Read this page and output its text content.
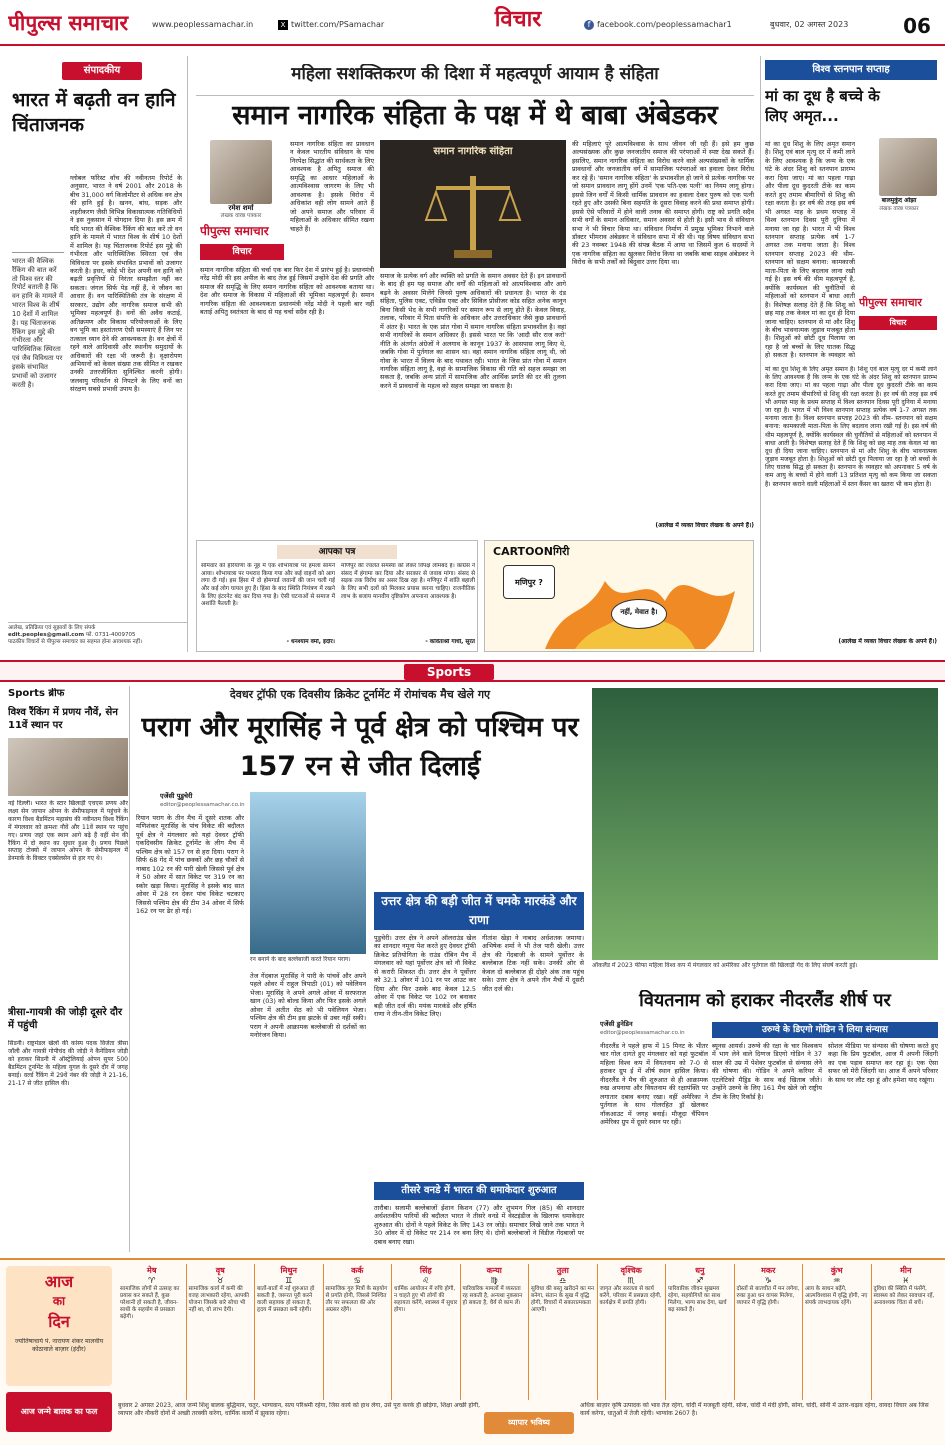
पीपुल्स समाचार	www.peoplessamachar.in	X twitter.com/PSamachar	विचार	f facebook.com/peoplessamachar1	बुधवार, 02 अगस्त 2023	06
संपादकीय
भारत में बढ़ती वन हानि चिंताजनक
ग्लोबल फॉरेस्ट वॉच की नवीनतम रिपोर्ट के अनुसार, भारत ने वर्ष 2001 और 2018 के बीच 31,000 वर्ग किलोमीटर से अधिक वन क्षेत्र की हानि हुई है। खनन, बांध, सड़क और शहरीकरण जैसी विभिन्न विकासात्मक गतिविधियों ने इस नुकसान में योगदान दिया है। इस क्रम में यदि भारत की वैश्विक रैंकिंग की बात करें तो वन हानि के मामले में भारत विश्व के शीर्ष 10 देशों में शामिल है। यह चिंताजनक रिपोर्ट इस मुद्दे की गंभीरता और पारिस्थितिक स्थिरता एवं जैव विविधता पर इसके संभावित प्रभावों को उजागर करती है। इधर, कोई भी देश अपनी वन हानि को बढ़ती प्रवृत्तियों से निरंतर समझौता नहीं कर सकता। जंगल सिर्फ पेड़ नहीं हैं, वे जीवन का आधार हैं। वन पारिस्थितिकी तंत्र के संरक्षण में सरकार, उद्योग और नागरिक समाज सभी की भूमिका महत्वपूर्ण है। वनों की अवैध कटाई, अतिक्रमण और विकास परियोजनाओं के लिए वन भूमि का हस्तांतरण ऐसी समस्याएं हैं जिन पर तत्काल ध्यान देने की आवश्यकता है। वन क्षेत्रों में रहने वाले आदिवासी और स्थानीय समुदायों के अधिकारों की रक्षा भी जरूरी है। वृक्षारोपण अभियानों को केवल संख्या तक सीमित न रखकर उनकी उत्तरजीविता सुनिश्चित करनी होगी। जलवायु परिवर्तन से निपटने के लिए वनों का संरक्षण सबसे प्रभावी उपाय है।
भारत की वैश्विक रैंकिंग की बात करें तो विश्व स्तर की रिपोर्ट बताती है कि वन हानि के मामले में भारत विश्व के शीर्ष 10 देशों में शामिल है। यह चिंताजनक रैंकिंग इस मुद्दे की गंभीरता और पारिस्थितिक स्थिरता एवं जैव विविधता पर इसके संभावित प्रभावों को उजागर करती है।
आलेख, प्रतिक्रिया एवं सुझावों के लिए संपर्क
edit.peoples@gmail.com फो. 0731-4009705
पाठकीय विचारों से पीपुल्स समाचार का सहमत होना आवश्यक नहीं।
महिला सशक्तिकरण की दिशा में महत्वपूर्ण आयाम है संहिता
समान नागरिक संहिता के पक्ष में थे बाबा अंबेडकर
रमेश शर्मा
लेखक वरिष्ठ पत्रकार
पीपुल्स समाचार
विचार
समान नागरिक संहिता का प्रावधान न केवल भारतीय संविधान के पांच निरपेक्ष सिद्धांत की सार्थकता के लिए आवश्यक है अपितु समाज की समृद्धि का आधार महिलाओं के आत्मविश्वास जागरण के लिए भी आवश्यक है। इसके विरोध में अधिकांश वही लोग सामने आते हैं जो अपने समाज और परिवार में महिलाओं के अधिकार सीमित रखना चाहते हैं।
समान नागरिक संहिता की चर्चा एक बार फिर देश में प्रारंभ हुई है। प्रधानमंत्री नरेंद्र मोदी की इस अपील के बाद तेज हुई जिसमें उन्होंने देश की प्रगति और समाज की समृद्धि के लिए समान नागरिक संहिता को आवश्यक बताया था। देश और समाज के विकास में महिलाओं की भूमिका महत्वपूर्ण है। समान नागरिक संहिता की आवश्यकता प्रधानमंत्री नरेंद्र मोदी ने पहली बार नहीं बताई अपितु स्वतंत्रता के बाद से यह चर्चा सदैव रही है।
समान नागरिक संहिता
समाज के प्रत्येक वर्ग और व्यक्ति को प्रगति के समान अवसर देते हैं। इन प्रावधानों के बाद ही हम यह समाज और वर्गों की महिलाओं को आत्मविश्वास और आगे बढ़ने के अवसर मिलेंगे जिनसे पुरुष अधिकारों की प्रधानता है। भारत के दंड संहिता, पुलिस एक्ट, एविडेंस एक्ट और सिविल प्रोसीजर कोड सहित अनेक कानून बिना किसी भेद के सभी नागरिकों पर समान रूप से लागू होते हैं। केवल विवाह, तलाक, परिवार में पिता संपत्ति के अधिकार और उत्तराधिकार जैसे कुछ प्रावधानों में अंतर है। भारत के एक प्रांत गोवा में समान नागरिक संहिता प्रभावशील है। वहां सभी नागरिकों के समान अधिकार हैं। इससे भारत पर कि 'आदौ सौर राज करो' नीति के अंतर्गत अंग्रेजों ने अलगाव के कानून 1937 के आसपास लागू किए थे, जबकि गोवा में पुर्तगाल का शासन था। वहां समान नागरिक संहिता लागू थी, जो गोवा के भारत में विलय के बाद यथावत रही। भारत के जिस प्रांत गोवा में समान नागरिक संहिता लागू है, वहां के सामाजिक विकास की गति को सहज समझा जा सकता है, जबकि अन्य प्रांतों में सामाजिक और आर्थिक प्रगति की दर की तुलना करने में प्रावधानों के महत्व को सहज समझा जा सकता है।
की महिलाएं पूरे आत्मविश्वास के साथ जीवन जी रही हैं। इसे हम कुछ अल्पसंख्यक और कुछ जनजातीय समाज की परंपराओं में स्पष्ट देख सकते हैं। इसलिए, समान नागरिक संहिता का विरोध करने वाले अल्पसंख्यकों के धार्मिक प्रावधानों और जनजातीय वर्ग में सामाजिक परंपराओं का हवाला देकर विरोध कर रहे हैं। 'समान नागरिक संहिता' के प्रभावशील हो जाने से प्रत्येक नागरिक पर जो समान प्रावधान लागू होंगे उनमें 'एक पति-एक पत्नी' का नियम लागू होगा। इससे जिन वर्गों में किसी धार्मिक प्रावधान का हवाला देकर पुरुष को एक पत्नी रहते हुए और उसकी बिना सहमति के दूसरा विवाह करने की प्रथा समाप्त होगी। इससे ऐसे परिवारों में होने वाली तनाव की समाप्त होगी। राष्ट्र को प्रगति सदैव सभी वर्गों के समान अधिकार, समान अवसर से होती है। इसी भाव से संविधान सभा ने भी विचार किया था। संविधान निर्माण में प्रमुख भूमिका निभाने वाले डॉक्टर भीमराव अंबेडकर ने संविधान सभा में की थी। यह विषय संविधान सभा की 23 नवम्बर 1948 की संपन्न बैठक में आया था जिसमें कुल 6 सदस्यों ने एक नागरिक संहिता का खुलकर विरोध किया था जबकि बाबा साहब अंबेडकर ने विरोध के सभी तर्कों को बिंदुवार उत्तर दिया था।
(आलेख में व्यक्त विचार लेखक के अपने हैं।)
विश्व स्तनपान सप्ताह
मां का दूध है बच्चे के लिए अमृत...
बालमुकुंद ओझा
लेखक वरिष्ठ पत्रकार
पीपुल्स समाचार
विचार
मां का दूध शिशु के लिए अमृत समान है। शिशु एवं बाल मृत्यु दर में कमी लाने के लिए आवश्यक है कि जन्म के एक घंटे के अंदर शिशु को स्तनपान प्रारम्भ करा दिया जाए। मां का पहला गाढ़ा और पीला दूध कुदरती टीके का काम करते हुए तमाम बीमारियों से शिशु की रक्षा करता है। हर वर्ष की तरह इस वर्ष भी अगस्त माह के प्रथम सप्ताह में विश्व स्तनपान दिवस पूरी दुनिया में मनाया जा रहा है। भारत में भी विश्व स्तनपान सप्ताह प्रत्येक वर्ष 1-7 अगस्त तक मनाया जाता है। विश्व स्तनपान सप्ताह 2023 की थीम- स्तनपान को सक्षम बनाना: कामकाजी माता-पिता के लिए बदलाव लाना रखी गई है। इस वर्ष की थीम महत्वपूर्ण है, क्योंकि कार्यस्थल की चुनौतियों से महिलाओं को स्तनपान में बाधा आती है। विशेषज्ञ सलाह देते हैं कि शिशु को छह माह तक केवल मां का दूध ही दिया जाना चाहिए। स्तनपान से मां और शिशु के बीच भावनात्मक जुड़ाव मजबूत होता है। शिशुओं को छोटी दूध पिलाया जा रहा है जो बच्चों के लिए घातक सिद्ध हो सकता है। स्तनपान के व्यवहार को
मां का दूध शिशु के लिए अमृत समान है। शिशु एवं बाल मृत्यु दर में कमी लाने के लिए आवश्यक है कि जन्म के एक घंटे के अंदर शिशु को स्तनपान प्रारम्भ करा दिया जाए। मां का पहला गाढ़ा और पीला दूध कुदरती टीके का काम करते हुए तमाम बीमारियों से शिशु की रक्षा करता है। हर वर्ष की तरह इस वर्ष भी अगस्त माह के प्रथम सप्ताह में विश्व स्तनपान दिवस पूरी दुनिया में मनाया जा रहा है। भारत में भी विश्व स्तनपान सप्ताह प्रत्येक वर्ष 1-7 अगस्त तक मनाया जाता है। विश्व स्तनपान सप्ताह 2023 की थीम- स्तनपान को सक्षम बनाना: कामकाजी माता-पिता के लिए बदलाव लाना रखी गई है। इस वर्ष की थीम महत्वपूर्ण है, क्योंकि कार्यस्थल की चुनौतियों से महिलाओं को स्तनपान में बाधा आती है। विशेषज्ञ सलाह देते हैं कि शिशु को छह माह तक केवल मां का दूध ही दिया जाना चाहिए। स्तनपान से मां और शिशु के बीच भावनात्मक जुड़ाव मजबूत होता है। शिशुओं को छोटी दूध पिलाया जा रहा है जो बच्चों के लिए घातक सिद्ध हो सकता है। स्तनपान के व्यवहार को अपनाकर 5 वर्ष के कम आयु के बच्चों में होने वाली 13 प्रतिशत मृत्यु को कम किया जा सकता है। स्तनपान कराने वाली महिलाओं में स्तन कैंसर का खतरा भी कम होता है।
(आलेख में व्यक्त विचार लेखक के अपने हैं।)
आपका पत्र
सोमवार को हरियाणा के नूंह में एक शोभायात्रा पर हमला सामने आया। शोभायात्रा पर पथराव किया गया और कई वाहनों को आग लगा दी गई। इस हिंसा में दो होमगार्ड जवानों की जान चली गई और कई लोग घायल हुए हैं। हिंसा के बाद स्थिति नियंत्रण में रखने के लिए इंटरनेट बंद कर दिया गया है। ऐसी घटनाओं से समाज में अशांति फैलती है।
- धनश्याम वर्मा, इंदौर।
मणिपुर की ज्वलंत समस्या को लेकर विपक्ष लामबंद है। कांग्रेस ने संसद में हंगामा कर दिया और सरकार से जवाब मांगा। संसद से सड़क तक विरोध का असर दिख रहा है। मणिपुर में शांति बहाली के लिए सभी दलों को मिलकर प्रयास करना चाहिए। राजनीतिक लाभ के बजाय मानवीय दृष्टिकोण अपनाना आवश्यक है।
- कविताश्री गांधी, सूरत
CARTOONगिरी
मणिपुर ?
नहीं, मेवात है।
Sports
Sports ब्रीफ
विश्व रैंकिंग में प्रणय नौवें, सेन 11वें स्थान पर
नई दिल्ली। भारत के स्टार खिलाड़ी एचएस प्रणय और लक्ष्य सेन जापान ओपन के सेमीफाइनल में पहुंचने के कारण विश्व बैडमिंटन महासंघ की नवीनतम विश्व रैंकिंग में मंगलवार को क्रमशः नौवें और 11वें स्थान पर पहुंच गए। प्रणय जहां एक स्थान आगे बढ़े हैं वहीं सेन की रैंकिंग में दो स्थान का सुधार हुआ है। प्रणय पिछले सप्ताह टोक्यो में जापान ओपन के सेमीफाइनल में डेनमार्क के विक्टर एक्सेलसेन से हार गए थे।
त्रीसा-गायत्री की जोड़ी दूसरे दौर में पहुंची
सिडनी। राष्ट्रमंडल खेलों की कांस्य पदक विजेता त्रीसा जॉली और गायत्री गोपीचंद की जोड़ी ने कैनेडियन जोड़ी को हराकर सिडनी में ऑस्ट्रेलियाई ओपन सुपर 500 बैडमिंटन टूर्नामेंट के महिला युगल के दूसरे दौर में जगह बनाई। वर्ल्ड रैंकिंग में 29वें नंबर की जोड़ी ने 21-16, 21-17 से जीत हासिल की।
देवधर ट्रॉफी एक दिवसीय क्रिकेट टूर्नामेंट में रोमांचक मैच खेले गए
पराग और मूरासिंह ने पूर्व क्षेत्र को पश्चिम पर 157 रन से जीत दिलाई
एजेंसी पुडुचेरी
editor@peoplessamachar.co.in
रियान पराग के तीन मैच में दूसरे शतक और मणिशंकर मूरासिंह के पांच विकेट की बदौलत पूर्व क्षेत्र ने मंगलवार को यहां देवधर ट्रॉफी एकदिवसीय क्रिकेट टूर्नामेंट के लीग मैच में पश्चिम क्षेत्र को 157 रन से हरा दिया। पराग ने सिर्फ 68 गेंद में पांच छक्कों और छह चौकों से नाबाद 102 रन की पारी खेली जिससे पूर्व क्षेत्र ने 50 ओवर में सात विकेट पर 319 रन का स्कोर खड़ा किया। मूरासिंह ने इसके बाद सात ओवर में 28 रन देकर पांच विकेट चटकाए जिससे पश्चिम क्षेत्र की टीम 34 ओवर में सिर्फ 162 रन पर ढेर हो गई।
रन बनाने के बाद बल्लेबाजी करते रियान पराग।
तेज गेंदबाज मूरासिंह ने पारी के पांचवें और अपने पहले ओवर में राहुल त्रिपाठी (01) को पवेलियन भेजा। मूरासिंह ने अपने अगले ओवर में सरफराज खान (03) को बोल्ड किया और फिर इसके अगले ओवर में अतीत सेठ को भी पवेलियन भेजा। पश्चिम क्षेत्र की टीम इस झटके से उबर नहीं सकी। पराग ने अपनी आक्रामक बल्लेबाजी से दर्शकों का मनोरंजन किया।
उत्तर क्षेत्र की बड़ी जीत में चमके मारकंडे और राणा
पुडुचेरी। उत्तर क्षेत्र ने अपने ऑलराउंड खेल का शानदार नमूना पेश करते हुए देवधर ट्रॉफी क्रिकेट प्रतियोगिता के राउंड रॉबिन मैच में मंगलवार को यहां पूर्वोत्तर क्षेत्र को नौ विकेट से करारी शिकस्त दी। उत्तर क्षेत्र ने पूर्वोत्तर को 32.1 ओवर में 101 रन पर आउट कर दिया और फिर उसके बाद केवल 12.5 ओवर में एक विकेट पर 102 रन बनाकर बड़ी जीत दर्ज की। मयंक मारकंडे और हर्षित राणा ने तीन-तीन विकेट लिए।
गीतांश खेड़ा ने नाबाद अर्धशतक जमाया। अभिषेक शर्मा ने भी तेज पारी खेली। उत्तर क्षेत्र की गेंदबाजी के सामने पूर्वोत्तर के बल्लेबाज टिक नहीं सके। उनकी ओर से केवल दो बल्लेबाज ही दोहरे अंक तक पहुंच सके। उत्तर क्षेत्र ने अपने तीन मैचों में दूसरी जीत दर्ज की।
तीसरे वनडे में भारत की धमाकेदार शुरुआत
तारौबा। सलामी बल्लेबाजों ईशान किशन (77) और शुभमन गिल (85) की शानदार अर्धशतकीय पारियों की बदौलत भारत ने तीसरे वनडे में वेस्टइंडीज के खिलाफ धमाकेदार शुरुआत की। दोनों ने पहले विकेट के लिए 143 रन जोड़े। समाचार लिखे जाने तक भारत ने 30 ओवर में दो विकेट पर 214 रन बना लिए थे। दोनों बल्लेबाजों ने विंडीज गेंदबाजों पर दबाव बनाए रखा।
ऑकलैंड में 2023 फीफा महिला विश्व कप में मंगलवार को अमेरिका और पुर्तगाल की खिलाड़ी गेंद के लिए संघर्ष करती हुई।
वियतनाम को हराकर नीदरलैंड शीर्ष पर
एजेंसी डुनेडिन
editor@peoplessamachar.co.in
नीदरलैंड ने पहले हाफ में 15 मिनट के भीतर चार गोल दागते हुए मंगलवार को यहां फुटबॉल महिला विश्व कप में वियतनाम को 7-0 से हराकर ग्रुप ई में शीर्ष स्थान हासिल किया। नीदरलैंड ने मैच की शुरुआत से ही आक्रामक रुख अपनाया और वियतनाम की रक्षापंक्ति पर लगातार दबाव बनाए रखा। वहीं अमेरिका ने पुर्तगाल के साथ गोलरहित ड्रॉ खेलकर नॉकआउट में जगह बनाई। मौजूदा चैंपियन अमेरिका ग्रुप में दूसरे स्थान पर रही।
उरुग्वे के डिएगो गोडिन ने लिया संन्यास
ब्यूनस आयर्स। उरुग्वे की रक्षा के चार विश्वकप में भाग लेने वाले दिग्गज डिएगो गोडिन ने 37 साल की उम्र में पेशेवर फुटबॉल से संन्यास लेने की घोषणा की। गोडिन ने अपने करियर में एटलेटिको मैड्रिड के साथ कई खिताब जीते। उन्होंने उरुग्वे के लिए 161 मैच खेले जो राष्ट्रीय टीम के लिए रिकॉर्ड है।
सोशल मीडिया पर संन्यास की घोषणा करते हुए कहा कि प्रिय फुटबॉल, आज मैं अपनी जिंदगी का एक पड़ाव समाप्त कर रहा हूं। एक ऐसा सफर जो मेरी जिंदगी था। आज मैं अपने परिवार के साथ घर लौट रहा हूं और हमेशा याद रखूंगा।
आज
का
दिन
ज्योतिषाचार्य पं. नारायण शंकर मालवीय कोठावाले बाज़ार (इंदौर)
मेष
♈
सामाजिक लोगों से उत्साह का प्रयास कर सकते हैं, कुछ परेशानी हो सकती है, जीवन-साथी के सहयोग से प्रसन्नता बढ़ेगी।
वृष
♉
सामाजिक कार्य में कमी की वजह लाभकारी रहेगा, आपकी योजना जिसके बारे सोचा भी नहीं था, वो लाभ देगी।
मिथुन
♊
बातों-बातों में नई शुरुआत हो सकती है, जरूरत पूरी करने वाली सहायक हो सकता है, हृदय में प्रसन्नता बनी रहेगी।
कर्क
♋
सामाजिक गुरु मित्रों के सहयोग से प्रगति होगी, जिससे निश्चित तौर पर सफलता की ओर अग्रसर रहेंगे।
सिंह
♌
धार्मिक आयोजन में रुचि होगी, न चाहते हुए भी लोगों की सहायता करेंगे, स्वास्थ्य में सुधार होगा।
कन्या
♍
पारिवारिक मामलों में व्यस्तता रह सकती है, अन्यथा नुकसान हो सकता है, धैर्य से काम लें।
तुला
♎
सुविधा की बस्तु खरीदने का मन बनेगा, संतान के सुख में वृद्धि होगी, विचारों में सकारात्मकता आएगी।
वृश्चिक
♏
जागृत और सरलता से कार्य करेंगे, परिवार में प्रसन्नता रहेगी, कार्यक्षेत्र में प्रगति होगी।
धनु
♐
पारिवारिक जीवन सुखमय रहेगा, सहयोगियों का साथ मिलेगा, भाग्य साथ देगा, खर्च बढ़ सकते हैं।
मकर
♑
दोस्तों से बातचीत में मन लगेगा, रुका हुआ धन वापस मिलेगा, व्यापार में वृद्धि होगी।
कुंभ
♒
आय के साधन बढ़ेंगे, आत्मविश्वास में वृद्धि होगी, नए संपर्क लाभदायक रहेंगे।
मीन
♓
दुविधा की स्थिति में फंसेंगे, स्वास्थ्य को लेकर सावधान रहें, अनावश्यक चिंता से बचें।
आज जन्मे बालक का फल
बुधवार 2 अगस्त 2023, आज जन्मे शिशु बालक बुद्धिमान, चतुर, भाग्यवान, सत्य परिश्रमी रहेगा, जिस कार्य को हाथ लेगा, उसे पूरा करके ही छोड़ेगा, शिक्षा अच्छी होगी, व्यापार और नौकरी दोनों में अच्छी तरक्की करेगा, धार्मिक कार्यों में झुकाव रहेगा।
व्यापार भविष्य
अधिक बाज़ार कृषि उत्पादक को भाव तेज़ रहेगा, चांदी में मजबूती रहेगी, सोना, चांदी में मंदी होगी, सोना, चांदी, सोनी में उतार-चढ़ाव रहेगा, वायदा विचार अब जिस कार्य करेगा, धातुओं में तेजी रहेगी। भाग्यांक 2607 है।
